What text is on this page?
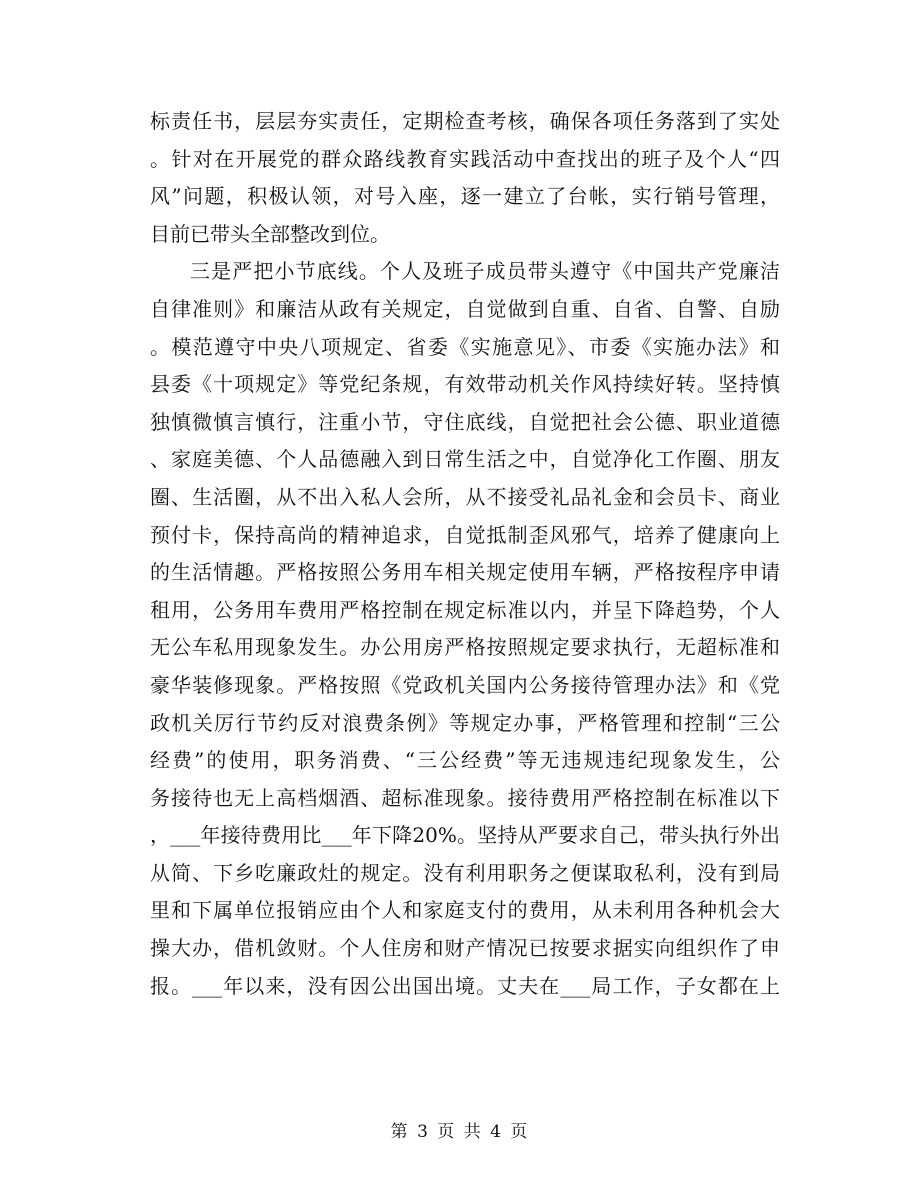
标责任书，层层夯实责任，定期检查考核，确保各项任务落到了实处
。针对在开展党的群众路线教育实践活动中查找出的班子及个人“四
风”问题，积极认领，对号入座，逐一建立了台帐，实行销号管理，
目前已带头全部整改到位。
三是严把小节底线。个人及班子成员带头遵守《中国共产党廉洁
自律准则》和廉洁从政有关规定，自觉做到自重、自省、自警、自励
。模范遵守中央八项规定、省委《实施意见》、市委《实施办法》和
县委《十项规定》等党纪条规，有效带动机关作风持续好转。坚持慎
独慎微慎言慎行，注重小节，守住底线，自觉把社会公德、职业道德
、家庭美德、个人品德融入到日常生活之中，自觉净化工作圈、朋友
圈、生活圈，从不出入私人会所，从不接受礼品礼金和会员卡、商业
预付卡，保持高尚的精神追求，自觉抵制歪风邪气，培养了健康向上
的生活情趣。严格按照公务用车相关规定使用车辆，严格按程序申请
租用，公务用车费用严格控制在规定标准以内，并呈下降趋势，个人
无公车私用现象发生。办公用房严格按照规定要求执行，无超标准和
豪华装修现象。严格按照《党政机关国内公务接待管理办法》和《党
政机关厉行节约反对浪费条例》等规定办事，严格管理和控制“三公
经费”的使用，职务消费、“三公经费”等无违规违纪现象发生，公
务接待也无上高档烟酒、超标准现象。接待费用严格控制在标准以下
，___年接待费用比___年下降20%。坚持从严要求自己，带头执行外出
从简、下乡吃廉政灶的规定。没有利用职务之便谋取私利，没有到局
里和下属单位报销应由个人和家庭支付的费用，从未利用各种机会大
操大办，借机敛财。个人住房和财产情况已按要求据实向组织作了申
报。___年以来，没有因公出国出境。丈夫在___局工作，子女都在上
第 3 页 共 4 页
